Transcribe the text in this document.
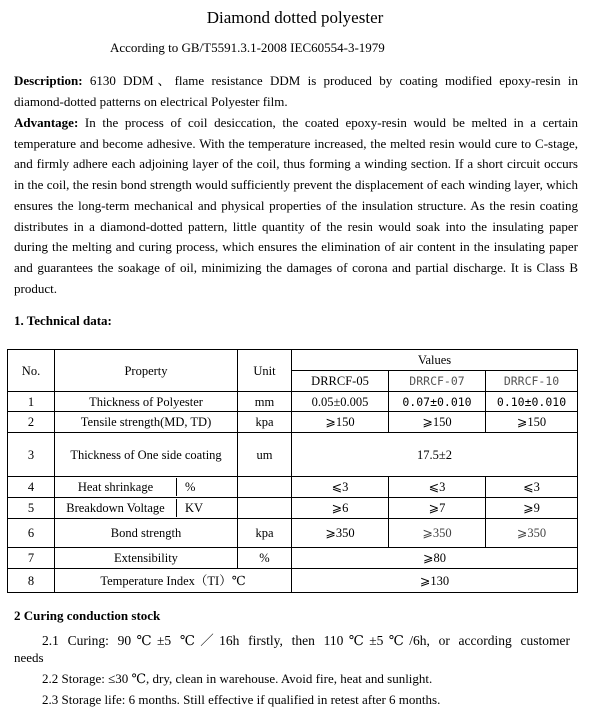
Diamond dotted polyester
According to GB/T5591.3.1-2008 IEC60554-3-1979

Description: 6130 DDM、flame resistance DDM is produced by coating modified epoxy-resin in diamond-dotted patterns on electrical Polyester film.

Advantage: In the process of coil desiccation, the coated epoxy-resin would be melted in a certain temperature and become adhesive. With the temperature increased, the melted resin would cure to C-stage, and firmly adhere each adjoining layer of the coil, thus forming a winding section. If a short circuit occurs in the coil, the resin bond strength would sufficiently prevent the displacement of each winding layer, which ensures the long-term mechanical and physical properties of the insulation structure. As the resin coating distributes in a diamond-dotted pattern, little quantity of the resin would soak into the insulating paper during the melting and curing process, which ensures the elimination of air content in the insulating paper and guarantees the soakage of oil, minimizing the damages of corona and partial discharge. It is Class B product.

1. Technical data:
No.	Property	Unit	Values		
			DRRCF-05	DRRCF-07	DRRCF-10
1	Thickness of Polyester	mm	0.05±0.005	0.07±0.010	0.10±0.010
2	Tensile strength(MD, TD)	kpa	⩾150	⩾150	⩾150
3	Thickness of One side coating	um	17.5±2		
4	Heat shrinkage %		⩽3	⩽3	⩽3
5	Breakdown Voltage KV		⩾6	⩾7	⩾9
6	Bond strength	kpa	⩾350	⩾350	⩾350
7	Extensibility	%	⩾80		
8	Temperature Index（TI）℃		⩾130		
2 Curing conduction stock
2.1 Curing: 90℃±5 ℃／16h firstly, then 110℃±5℃/6h, or according customer
needs
2.2 Storage: ≤30 ℃, dry, clean in warehouse. Avoid fire, heat and sunlight.
2.3 Storage life: 6 months. Still effective if qualified in retest after 6 months.
